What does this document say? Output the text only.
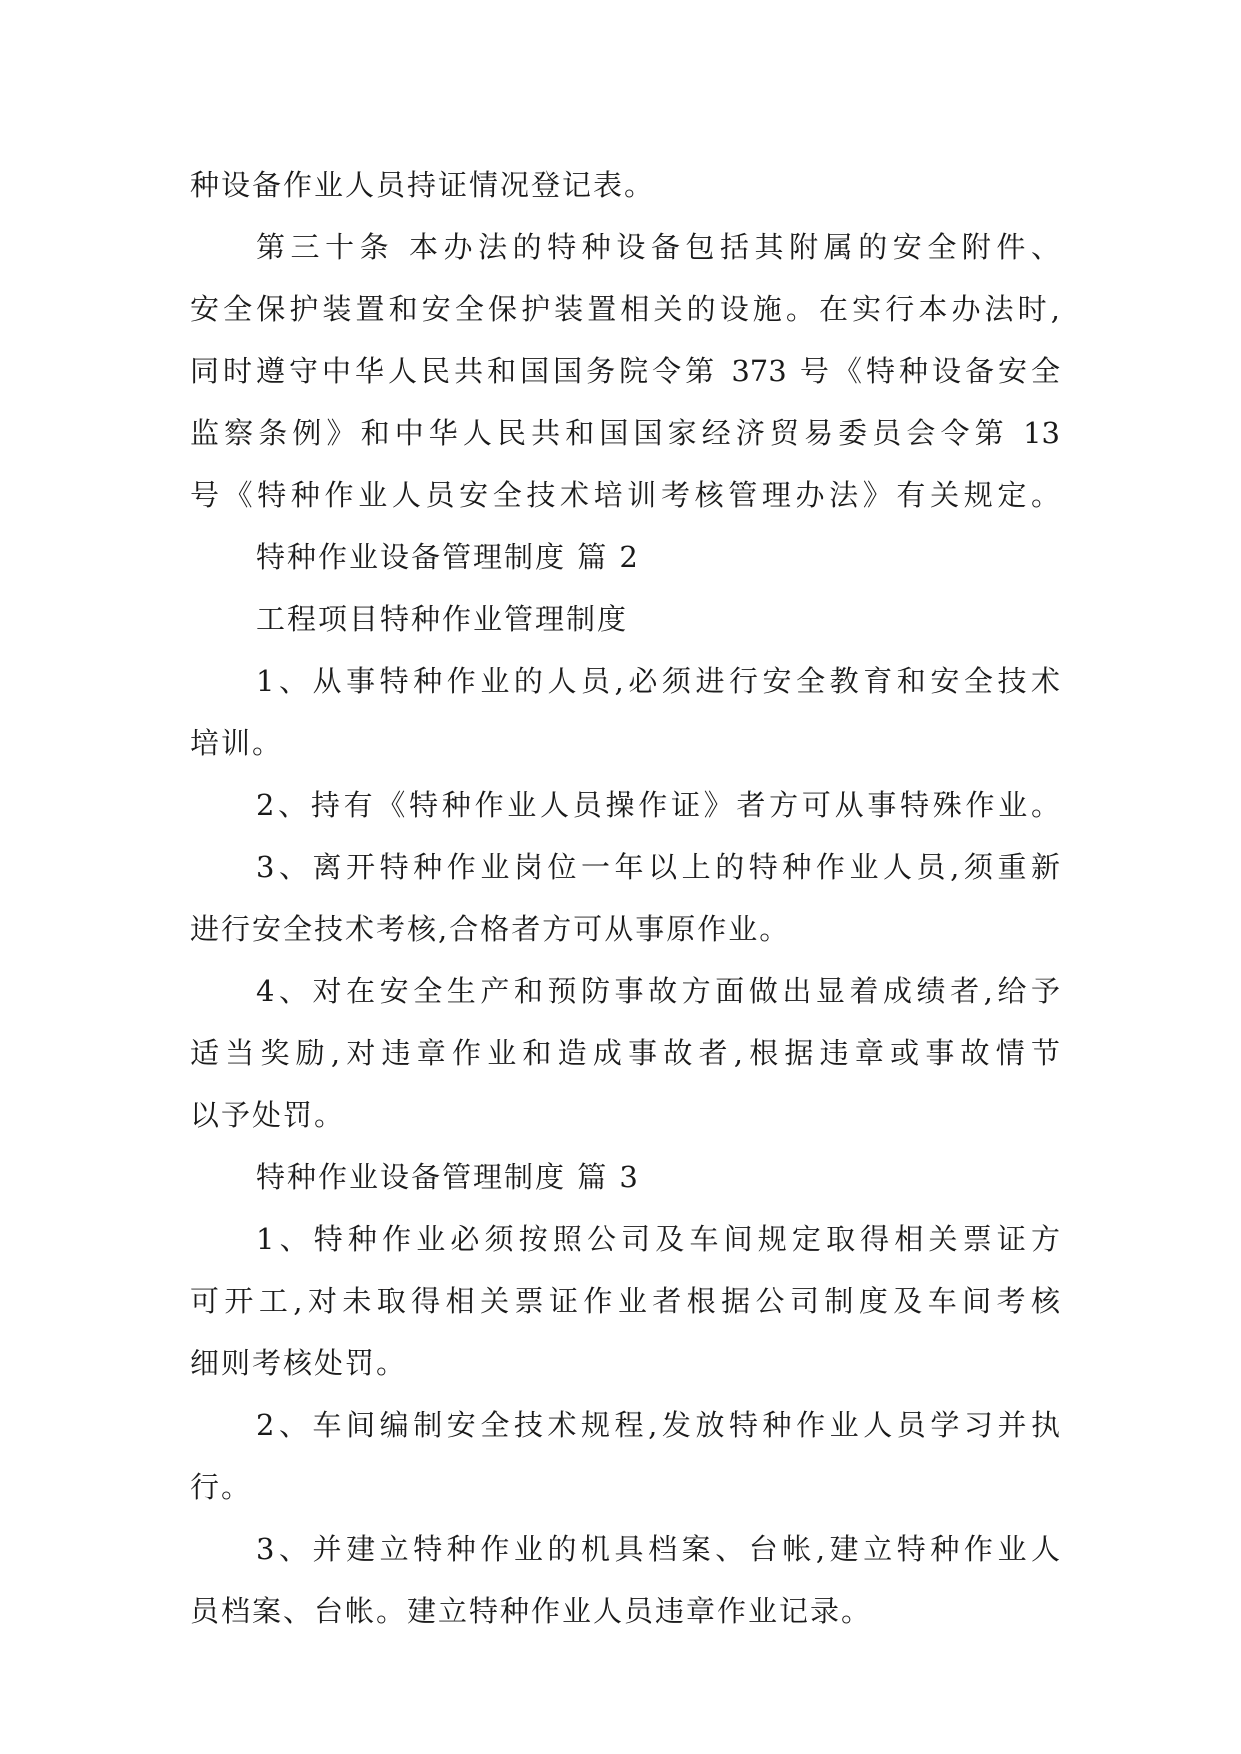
种设备作业人员持证情况登记表。
第三十条 本办法的特种设备包括其附属的安全附件、
安全保护装置和安全保护装置相关的设施。在实行本办法时,
同时遵守中华人民共和国国务院令第 373 号《特种设备安全
监察条例》和中华人民共和国国家经济贸易委员会令第 13
号《特种作业人员安全技术培训考核管理办法》有关规定。
特种作业设备管理制度 篇 2
工程项目特种作业管理制度
1、从事特种作业的人员,必须进行安全教育和安全技术
培训。
2、持有《特种作业人员操作证》者方可从事特殊作业。
3、离开特种作业岗位一年以上的特种作业人员,须重新
进行安全技术考核,合格者方可从事原作业。
4、对在安全生产和预防事故方面做出显着成绩者,给予
适当奖励,对违章作业和造成事故者,根据违章或事故情节
以予处罚。
特种作业设备管理制度 篇 3
1、特种作业必须按照公司及车间规定取得相关票证方
可开工,对未取得相关票证作业者根据公司制度及车间考核
细则考核处罚。
2、车间编制安全技术规程,发放特种作业人员学习并执
行。
3、并建立特种作业的机具档案、台帐,建立特种作业人
员档案、台帐。建立特种作业人员违章作业记录。
